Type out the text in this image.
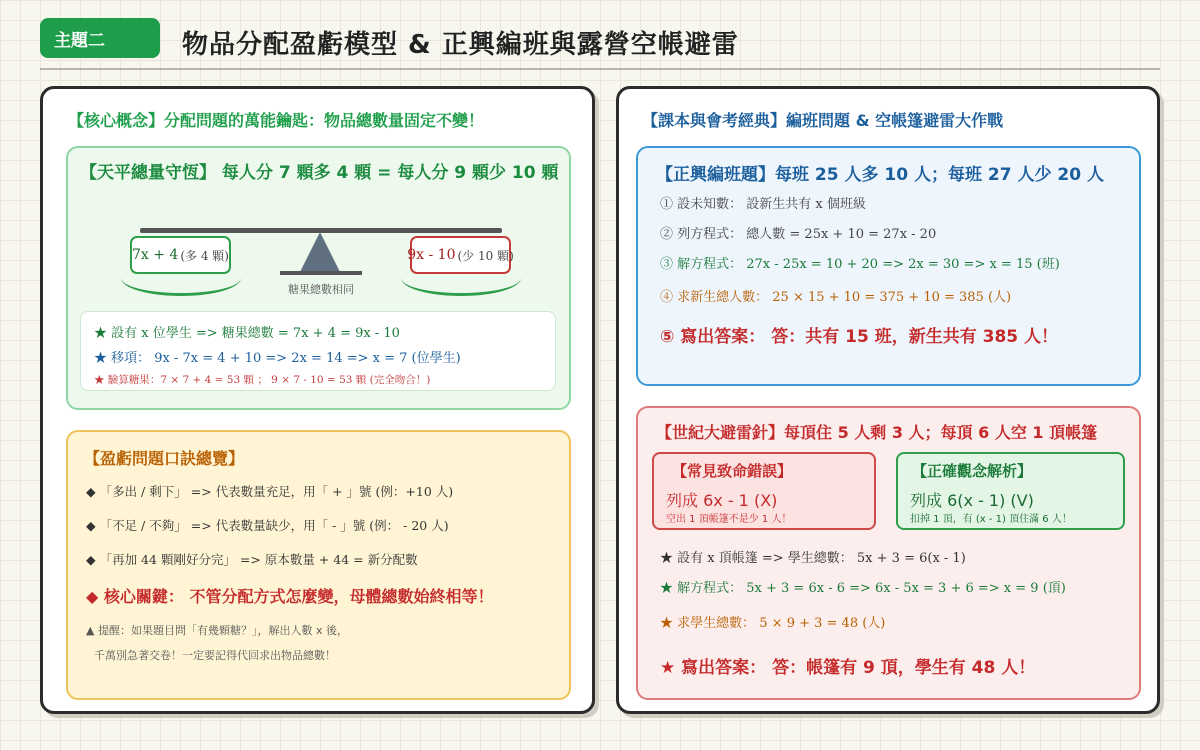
主題二	物品分配盈虧模型 & 正興編班與露營空帳避雷
【核心概念】分配問題的萬能鑰匙：物品總數量固定不變！
【天平總量守恆】 每人分 7 顆多 4 顆 = 每人分 9 顆少 10 顆
糖果總數相同
7x + 4 (多 4 顆)	9x - 10 (少 10 顆)
★ 設有 x 位學生 => 糖果總數 = 7x + 4 = 9x - 10
★ 移項： 9x - 7x = 4 + 10 => 2x = 14 => x = 7 (位學生)
★ 驗算糖果：7 × 7 + 4 = 53 顆 ； 9 × 7 - 10 = 53 顆 (完全吻合！)
【盈虧問題口訣總覽】
◆ 「多出 / 剩下」 => 代表數量充足，用「 + 」號 (例：+10 人)
◆ 「不足 / 不夠」 => 代表數量缺少，用「 - 」號 (例： - 20 人)
◆ 「再加 44 顆剛好分完」 => 原本數量 + 44 = 新分配數
◆ 核心關鍵： 不管分配方式怎麼變，母體總數始終相等！
▲ 提醒：如果題目問「有幾顆糖？」，解出人數 x 後，
千萬別急著交卷！一定要記得代回求出物品總數！
【課本與會考經典】編班問題 & 空帳篷避雷大作戰
【正興編班題】每班 25 人多 10 人；每班 27 人少 20 人
① 設未知數： 設新生共有 x 個班級
② 列方程式： 總人數 = 25x + 10 = 27x - 20
③ 解方程式： 27x - 25x = 10 + 20 => 2x = 30 => x = 15 (班)
④ 求新生總人數： 25 × 15 + 10 = 375 + 10 = 385 (人)
⑤ 寫出答案： 答：共有 15 班，新生共有 385 人！
【世紀大避雷針】每頂住 5 人剩 3 人；每頂 6 人空 1 頂帳篷
【常見致命錯誤】
列成 6x - 1 (X)
空出 1 頂帳篷不是少 1 人！
【正確觀念解析】
列成 6(x - 1) (V)
扣掉 1 頂，有 (x - 1) 頂住滿 6 人！
★ 設有 x 頂帳篷 => 學生總數： 5x + 3 = 6(x - 1)
★ 解方程式： 5x + 3 = 6x - 6 => 6x - 5x = 3 + 6 => x = 9 (頂)
★ 求學生總數： 5 × 9 + 3 = 48 (人)
★ 寫出答案： 答：帳篷有 9 頂，學生有 48 人！
